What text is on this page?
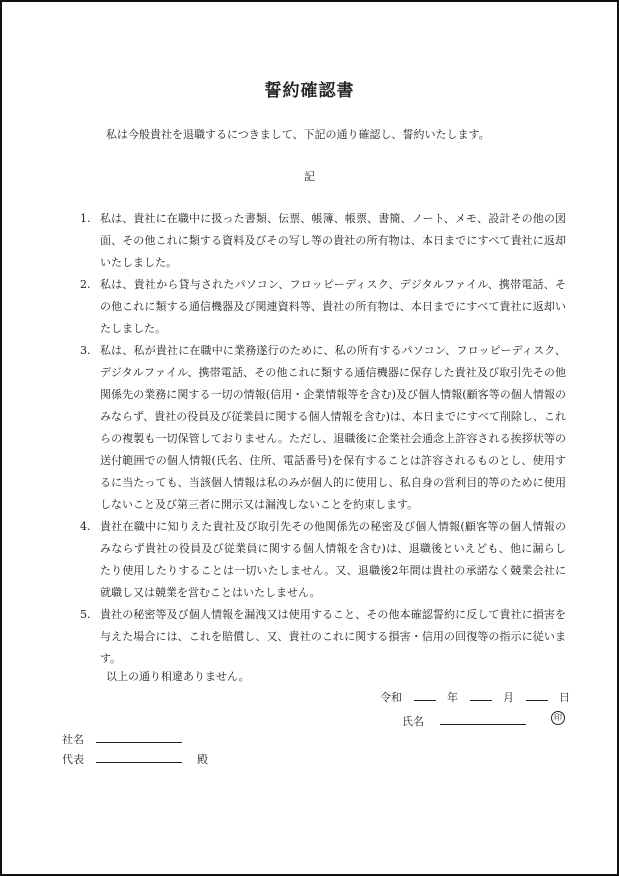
誓約確認書
私は今般貴社を退職するにつきまして、下記の通り確認し、誓約いたします。
記
1. 私は、貴社に在職中に扱った書類、伝票、帳簿、帳票、書簡、ノート、メモ、設計その他の図面、その他これに類する資料及びその写し等の貴社の所有物は、本日までにすべて貴社に返却いたしました。
2. 私は、貴社から貸与されたパソコン、フロッピーディスク、デジタルファイル、携帯電話、その他これに類する通信機器及び関連資料等、貴社の所有物は、本日までにすべて貴社に返却いたしました。
3. 私は、私が貴社に在職中に業務遂行のために、私の所有するパソコン、フロッピーディスク、デジタルファイル、携帯電話、その他これに類する通信機器に保存した貴社及び取引先その他関係先の業務に関する一切の情報(信用・企業情報等を含む)及び個人情報(顧客等の個人情報のみならず、貴社の役員及び従業員に関する個人情報を含む)は、本日までにすべて削除し、これらの複製も一切保管しておりません。ただし、退職後に企業社会通念上許容される挨拶状等の送付範囲での個人情報(氏名、住所、電話番号)を保有することは許容されるものとし、使用するに当たっても、当該個人情報は私のみが個人的に使用し、私自身の営利目的等のために使用しないこと及び第三者に開示又は漏洩しないことを約束します。
4. 貴社在職中に知りえた貴社及び取引先その他関係先の秘密及び個人情報(顧客等の個人情報のみならず貴社の役員及び従業員に関する個人情報を含む)は、退職後といえども、他に漏らしたり使用したりすることは一切いたしません。又、退職後2年間は貴社の承諾なく競業会社に就職し又は競業を営むことはいたしません。
5. 貴社の秘密等及び個人情報を漏洩又は使用すること、その他本確認誓約に反して貴社に損害を与えた場合には、これを賠償し、又、貴社のこれに関する損害・信用の回復等の指示に従います。
以上の通り相違ありません。
令和	年	月	日
氏名	印
社名
代表	殿
